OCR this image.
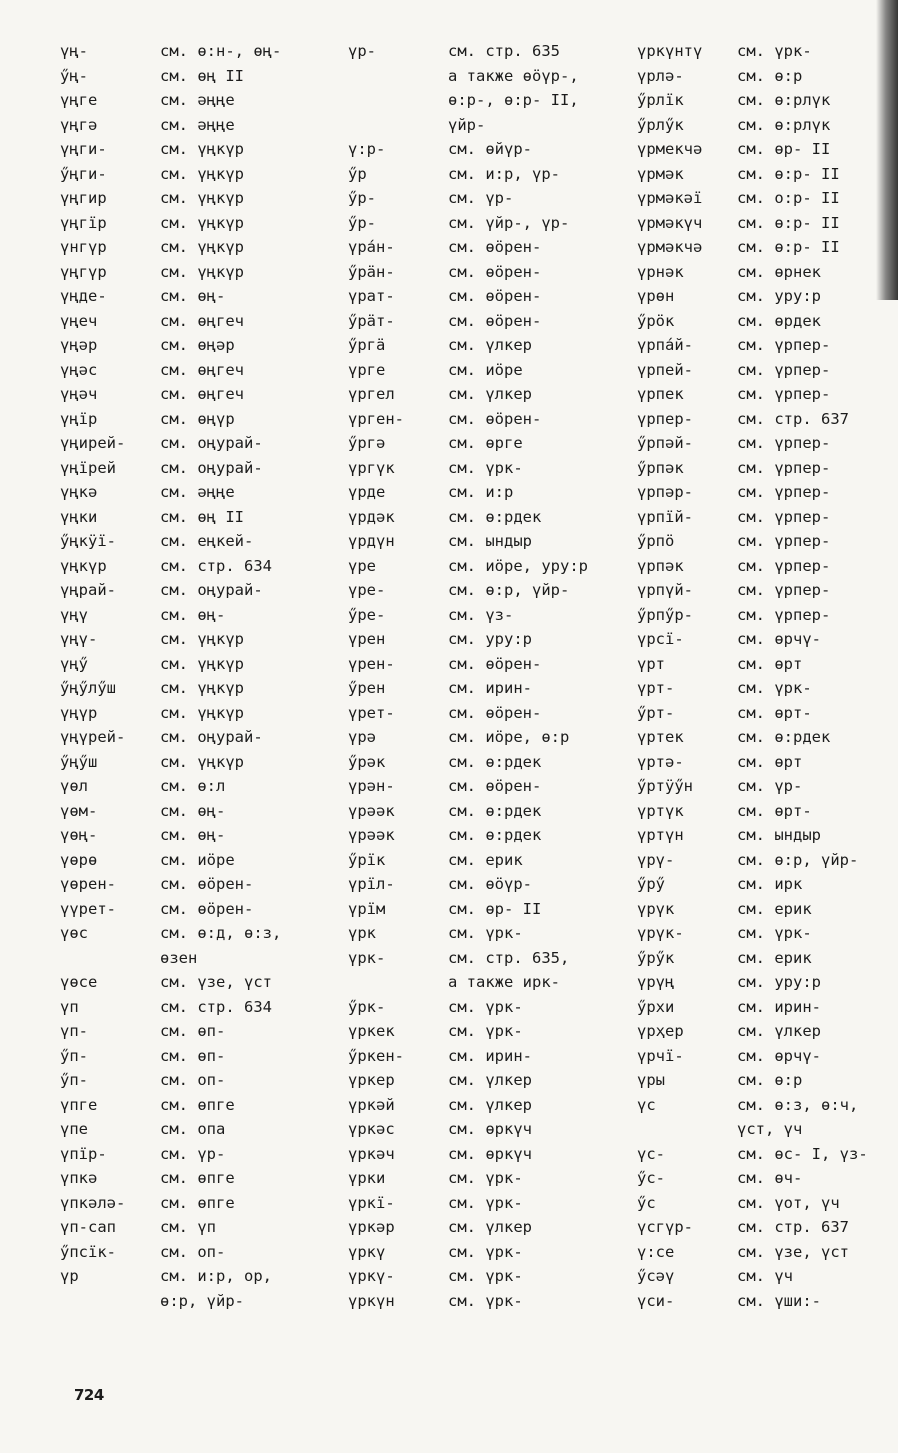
үң-	см. ө:н-, өң-
ӳң-	см. өң II
үңге	см. әңңе
үңгә	см. әңңе
үңги-	см. үңкүр
ӳңги-	см. үңкүр
үңгир	см. үңкүр
үңгїр	см. үңкүр
үнгүр	см. үңкүр
үңгүр	см. үңкүр
үңде-	см. өң-
үңеч	см. өңгеч
үңәр	см. өңәр
үңәс	см. өңгеч
үңәч	см. өңгеч
үңїр	см. өңүр
үңирей-	см. оңурай-
үңїрей	см. оңурай-
үңкә	см. әңңе
үңки	см. өң II
ӳңкӱї-	см. еңкей-
үңкүр	см. стр. 634
үңрай-	см. оңурай-
үңү	см. өң-
үңү-	см. үңкүр
үңӳ	см. үңкүр
ӳңӳлӳш	см. үңкүр
үңүр	см. үңкүр
үңүрей-	см. оңурай-
ӳңӳш	см. үңкүр
үөл	см. ө:л
үөм-	см. өң-
үөң-	см. өң-
үөрө	см. иӧре
үөрен-	см. өӧрен-
үүрет-	см. өӧрен-
үөс	см. ө:д, ө:з,
өзен
үөсе	см. үзе, үст
үп	см. стр. 634
үп-	см. өп-
ӳп-	см. өп-
ӳп-	см. оп-
үпге	см. өпге
үпе	см. опа
үпїр-	см. үр-
үпкә	см. өпге
үпкәлә-	см. өпге
үп-сап	см. үп
ӳпсїк-	см. оп-
үр	см. и:р, ор,
ө:р, үйр-
үр-	см. стр. 635
а также өӧүр-,
ө:р-, ө:р- II,
үйр-
ү:р-	см. өйүр-
ӳр	см. и:р, үр-
ӳр-	см. үр-
ӳр-	см. үйр-, үр-
үра́н-	см. өӧрен-
ӳрӓн-	см. өӧрен-
үрат-	см. өӧрен-
ӳрӓт-	см. өӧрен-
ӳргӓ	см. үлкер
үрге	см. иӧре
үргел	см. үлкер
үрген-	см. өӧрен-
ӳргә	см. өрге
үргүк	см. үрк-
үрде	см. и:р
үрдәк	см. ө:рдек
үрдүн	см. ындыр
үре	см. иӧре, уру:р
үре-	см. ө:р, үйр-
ӳре-	см. үз-
үрен	см. уру:р
үрен-	см. өӧрен-
ӳрен	см. ирин-
үрет-	см. өӧрен-
үрә	см. иӧре, ө:р
ӳрәк	см. ө:рдек
үрән-	см. өӧрен-
үрәәк	см. ө:рдек
үрәәк	см. ө:рдек
ӳрїк	см. ерик
үрїл-	см. өӧүр-
үрїм	см. өр- II
үрк	см. үрк-
үрк-	см. стр. 635,
а также ирк-
ӳрк-	см. үрк-
үркек	см. үрк-
ӳркен-	см. ирин-
үркер	см. үлкер
үркәй	см. үлкер
үркәс	см. өркүч
үркәч	см. өркүч
үрки	см. үрк-
үркї-	см. үрк-
үркәр	см. үлкер
үркү	см. үрк-
үркү-	см. үрк-
үркүн	см. үрк-
үркүнтү	см. үрк-
үрлә-	см. ө:р
ӳрлїк	см. ө:рлүк
ӳрлӳк	см. ө:рлүк
үрмекчә	см. өр- II
үрмәк	см. ө:р- II
үрмәкәї	см. о:р- II
үрмәкүч	см. ө:р- II
үрмәкчә	см. ө:р- II
үрнәк	см. өрнек
үрөн	см. уру:р
ӳрӧк	см. өрдек
үрпа́й-	см. үрпер-
үрпей-	см. үрпер-
үрпек	см. үрпер-
үрпер-	см. стр. 637
ӳрпәй-	см. үрпер-
ӳрпәк	см. үрпер-
үрпәр-	см. үрпер-
үрпїй-	см. үрпер-
ӳрпӧ	см. үрпер-
үрпәк	см. үрпер-
үрпүй-	см. үрпер-
ӳрпӳр-	см. үрпер-
үрсї-	см. өрчү-
үрт	см. өрт
үрт-	см. үрк-
ӳрт-	см. өрт-
үртек	см. ө:рдек
үртә-	см. өрт
ӳртӱӳн	см. үр-
үртүк	см. өрт-
үртүн	см. ындыр
үрү-	см. ө:р, үйр-
ӳрӳ	см. ирк
үрүк	см. ерик
үрүк-	см. үрк-
ӳрӳк	см. ерик
үрүң	см. уру:р
ӳрхи	см. ирин-
үрҳер	см. үлкер
үрчї-	см. өрчү-
үры	см. ө:р
үс	см. ө:з, ө:ч,
үст, үч
үс-	см. өс- I, үз-
ӳс-	см. өч-
ӳс	см. үот, үч
үсгүр-	см. стр. 637
ү:се	см. үзе, үст
ӳсәү	см. үч
үси-	см. үши:-
724
